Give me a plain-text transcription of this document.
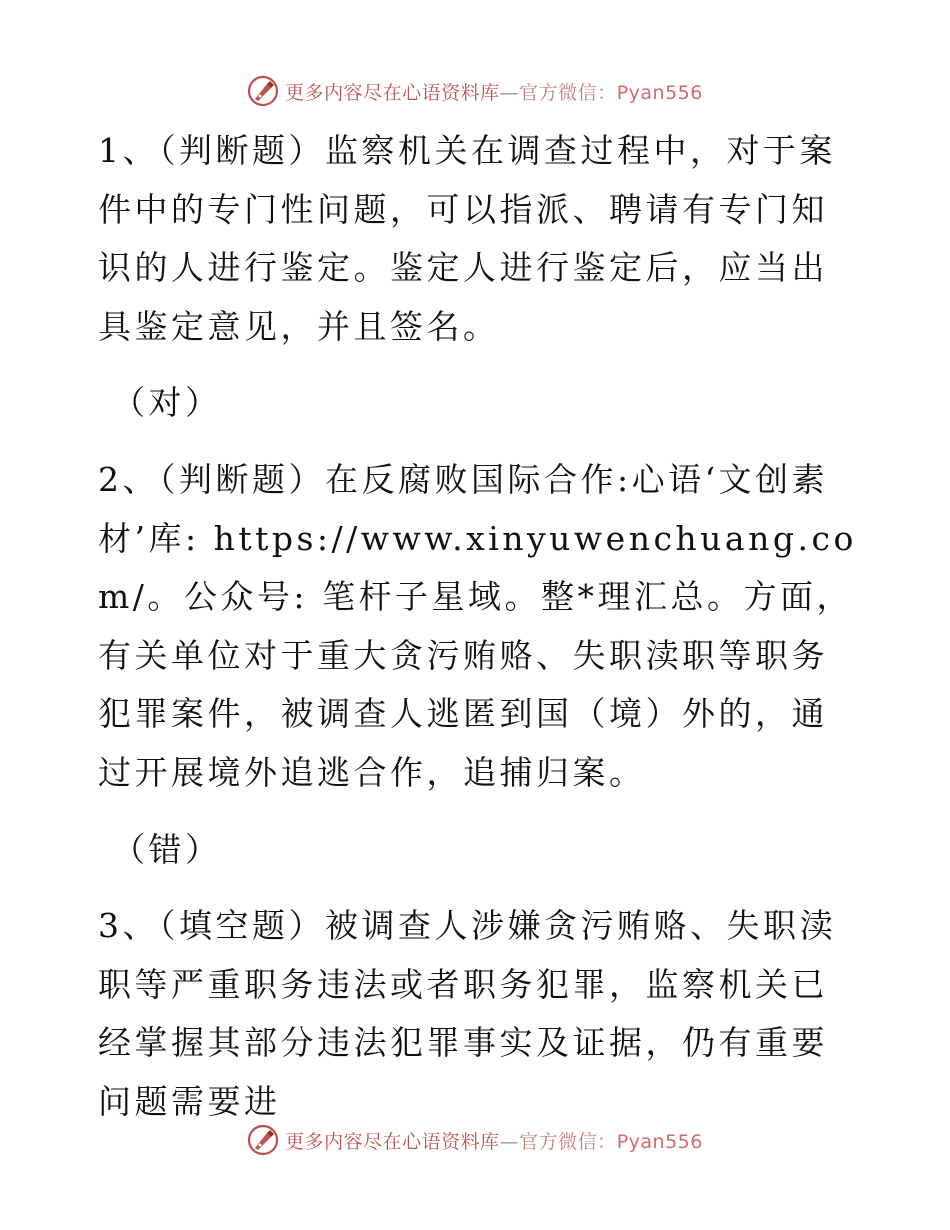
更多内容尽在心语资料库—官方微信：Pyan556

1、（判断题）监察机关在调查过程中，对于案件中的专门性问题，可以指派、聘请有专门知识的人进行鉴定。鉴定人进行鉴定后，应当出具鉴定意见，并且签名。

（对）

2、（判断题）在反腐败国际合作:心语‘文创素材’库: https://www.xinyuwenchuang.com/。公众号: 笔杆子星域。整*理汇总。方面，有关单位对于重大贪污贿赂、失职渎职等职务犯罪案件，被调查人逃匿到国（境）外的，通过开展境外追逃合作，追捕归案。

（错）

3、（填空题）被调查人涉嫌贪污贿赂、失职渎职等严重职务违法或者职务犯罪，监察机关已经掌握其部分违法犯罪事实及证据，仍有重要问题需要进

更多内容尽在心语资料库—官方微信：Pyan556
